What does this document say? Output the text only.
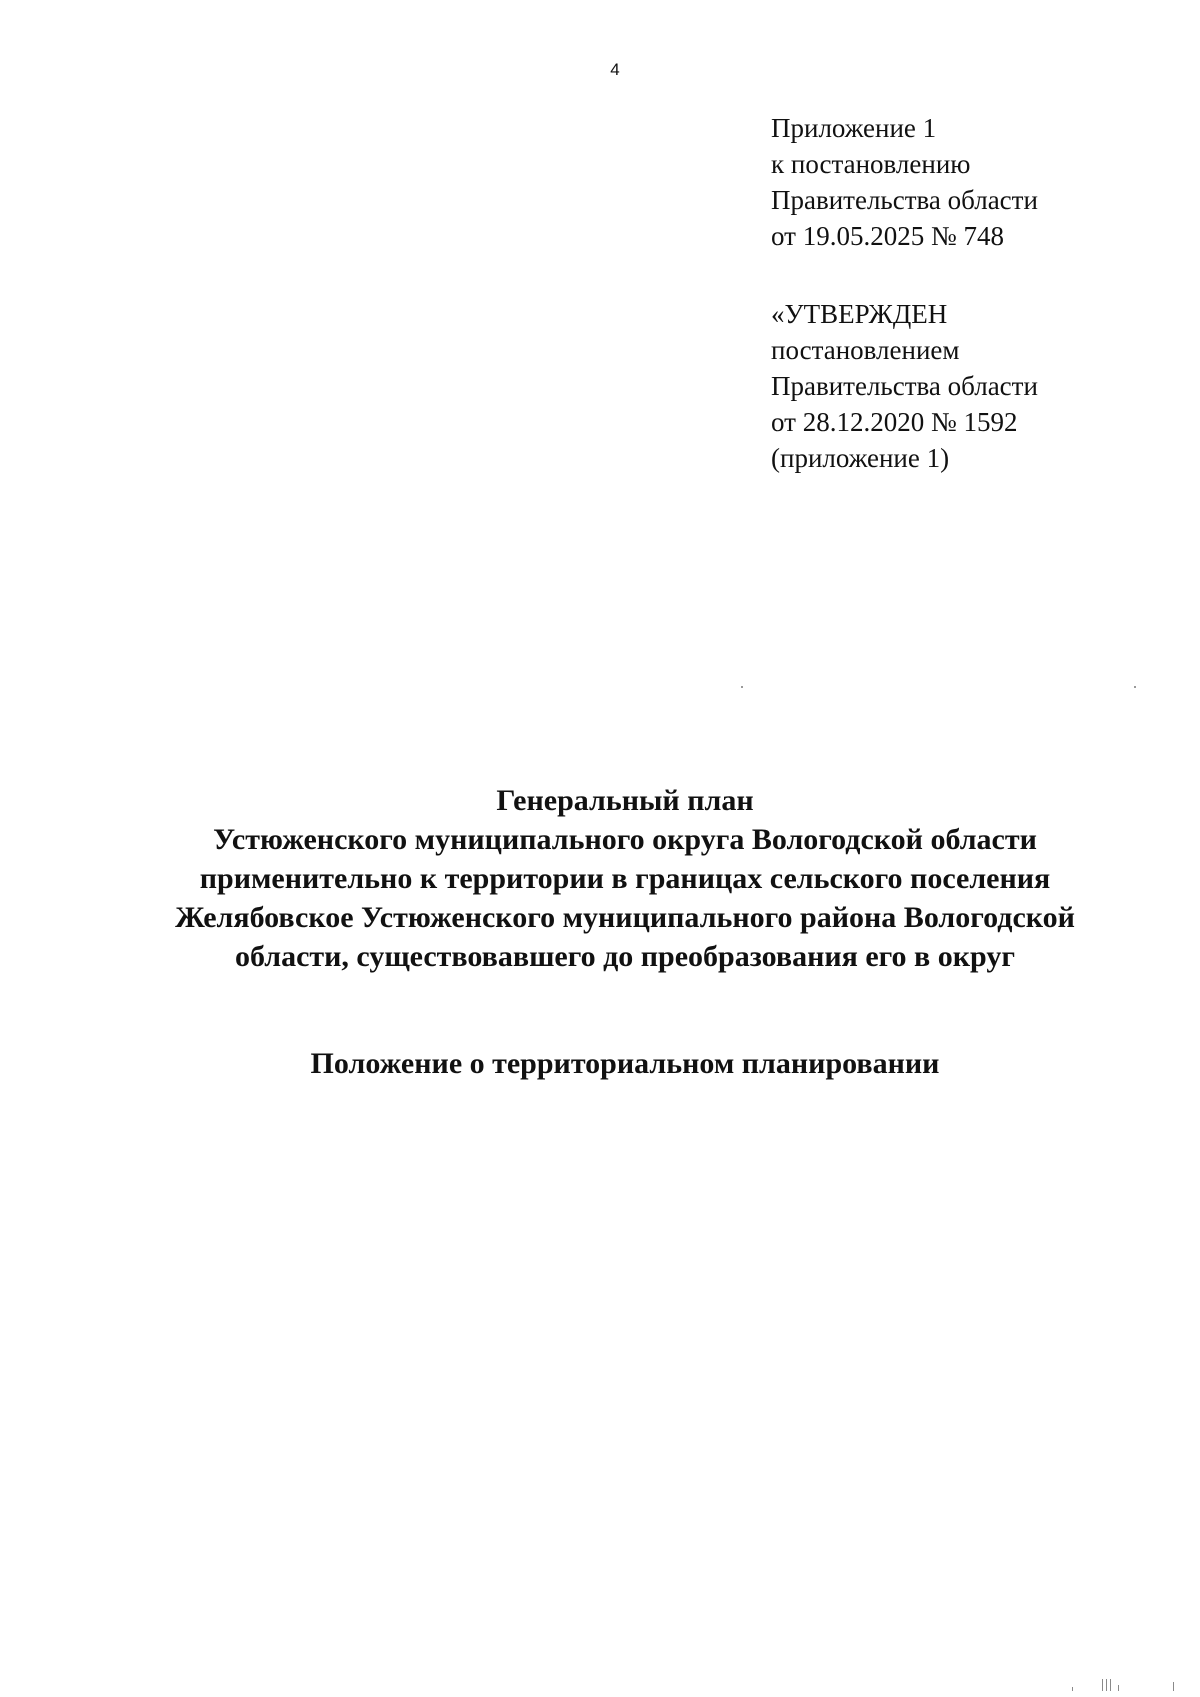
4
Приложение 1
к постановлению
Правительства области
от 19.05.2025 № 748
«УТВЕРЖДЕН
постановлением
Правительства области
от 28.12.2020 № 1592
(приложение 1)
Генеральный план
Устюженского муниципального округа Вологодской области
применительно к территории в границах сельского поселения
Желябовское Устюженского муниципального района Вологодской
области, существовавшего до преобразования его в округ
Положение о территориальном планировании
